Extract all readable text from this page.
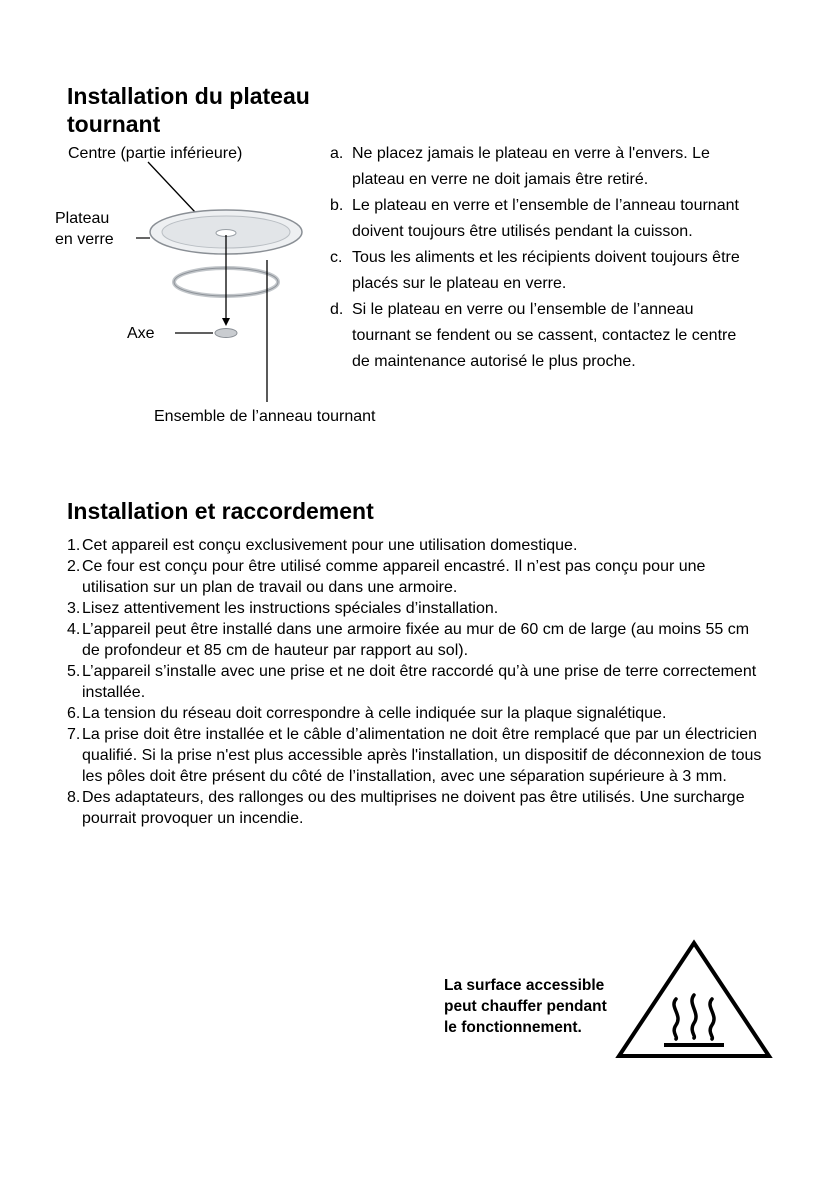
Installation du plateau tournant
Centre (partie inférieure)
Plateau
en verre
Axe
Ensemble de l’anneau tournant
a. Ne placez jamais le plateau en verre à l'envers. Le plateau en verre ne doit jamais être retiré.
b. Le plateau en verre et l’ensemble de l’anneau tournant doivent toujours être utilisés pendant la cuisson.
c. Tous les aliments et les récipients doivent toujours être placés sur le plateau en verre.
d. Si le plateau en verre ou l’ensemble de l’anneau tournant se fendent ou se cassent, contactez le centre de maintenance autorisé le plus proche.
Installation et raccordement
1. Cet appareil est conçu exclusivement pour une utilisation domestique.
2. Ce four est conçu pour être utilisé comme appareil encastré. Il n’est pas conçu pour une utilisation sur un plan de travail ou dans une armoire.
3. Lisez attentivement les instructions spéciales d’installation.
4. L’appareil peut être installé dans une armoire fixée au mur de 60 cm de large (au moins 55 cm de profondeur et 85 cm de hauteur par rapport au sol).
5. L’appareil s’installe avec une prise et ne doit être raccordé qu’à une prise de terre correctement installée.
6. La tension du réseau doit correspondre à celle indiquée sur la plaque signalétique.
7. La prise doit être installée et le câble d’alimentation ne doit être remplacé que par un électricien qualifié. Si la prise n'est plus accessible après l'installation, un dispositif de déconnexion de tous les pôles doit être présent du côté de l’installation, avec une séparation supérieure à 3 mm.
8. Des adaptateurs, des rallonges ou des multiprises ne doivent pas être utilisés. Une surcharge pourrait provoquer un incendie.
La surface accessible
peut chauffer pendant
le fonctionnement.
